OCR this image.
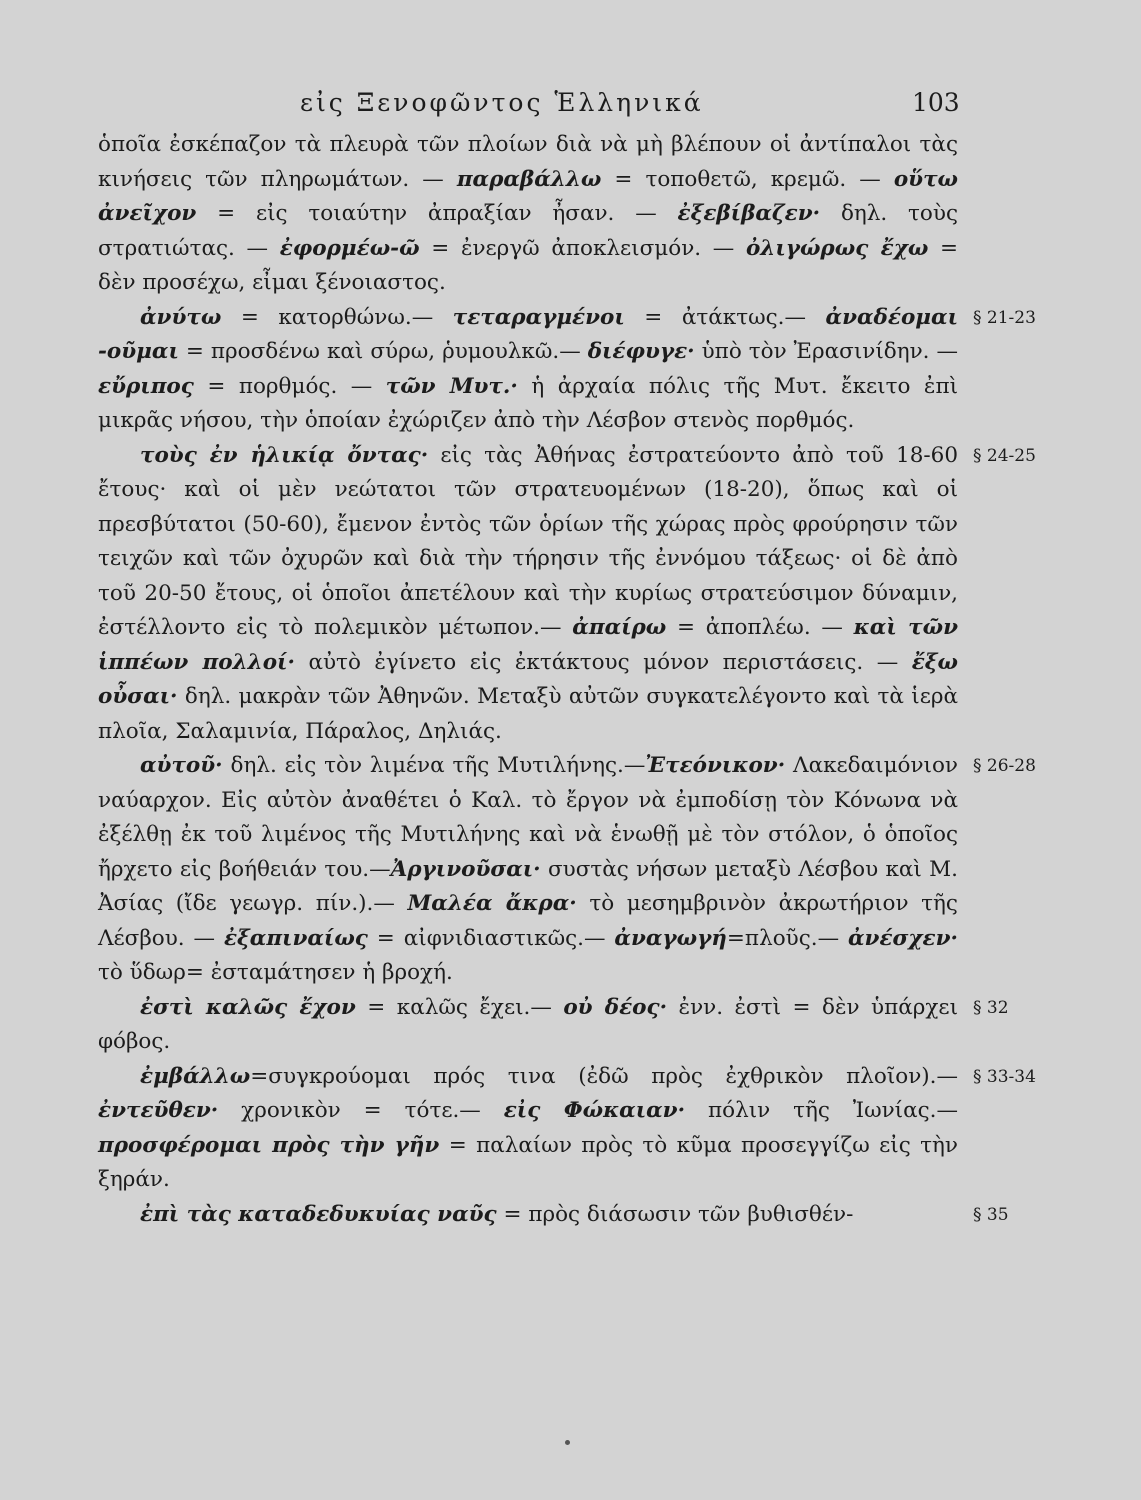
εἰς Ξενοφῶντος Ἑλληνικά	103

ὁποῖα ἐσκέπαζον τὰ πλευρὰ τῶν πλοίων διὰ νὰ μὴ βλέπουν οἱ ἀντίπαλοι τὰς κινήσεις τῶν πληρωμάτων. — παραβάλλω = τοποθετῶ, κρεμῶ. — οὕτω ἀνεῖχον = εἰς τοιαύτην ἀπραξίαν ἦσαν. — ἐξεβίβαζεν· δηλ. τοὺς στρατιώτας. — ἐφορμέω-ῶ = ἐνεργῶ ἀποκλεισμόν. — ὀλιγώρως ἔχω = δὲν προσέχω, εἶμαι ξένοιαστος.

ἀνύτω = κατορθώνω.— τεταραγμένοι = ἀτάκτως.— ἀναδέομαι -οῦμαι = προσδένω καὶ σύρω, ῥυμουλκῶ.— διέφυγε· ὑπὸ τὸν Ἐρασινίδην. — εὔριπος = πορθμός. — τῶν Μυτ.· ἡ ἀρχαία πόλις τῆς Μυτ. ἔκειτο ἐπὶ μικρᾶς νήσου, τὴν ὁποίαν ἐχώριζεν ἀπὸ τὴν Λέσβον στενὸς πορθμός.
§ 21-23

τοὺς ἐν ἡλικίᾳ ὄντας· εἰς τὰς Ἀθήνας ἐστρατεύοντο ἀπὸ τοῦ 18-60 ἔτους· καὶ οἱ μὲν νεώτατοι τῶν στρατευομένων (18-20), ὅπως καὶ οἱ πρεσβύτατοι (50-60), ἔμενον ἐντὸς τῶν ὁρίων τῆς χώρας πρὸς φρούρησιν τῶν τειχῶν καὶ τῶν ὀχυρῶν καὶ διὰ τὴν τήρησιν τῆς ἐννόμου τάξεως· οἱ δὲ ἀπὸ τοῦ 20-50 ἔτους, οἱ ὁποῖοι ἀπετέλουν καὶ τὴν κυρίως στρατεύσιμον δύναμιν, ἐστέλλοντο εἰς τὸ πολεμικὸν μέτωπον.— ἀπαίρω = ἀποπλέω. — καὶ τῶν ἱππέων πολλοί· αὐτὸ ἐγίνετο εἰς ἐκτάκτους μόνον περιστάσεις. — ἔξω οὖσαι· δηλ. μακρὰν τῶν Ἀθηνῶν. Μεταξὺ αὐτῶν συγκατελέγοντο καὶ τὰ ἱερὰ πλοῖα, Σαλαμινία, Πάραλος, Δηλιάς.
§ 24-25

αὐτοῦ· δηλ. εἰς τὸν λιμένα τῆς Μυτιλήνης.—Ἐτεόνικον· Λακεδαιμόνιον ναύαρχον. Εἰς αὐτὸν ἀναθέτει ὁ Καλ. τὸ ἔργον νὰ ἐμποδίσῃ τὸν Κόνωνα νὰ ἐξέλθῃ ἐκ τοῦ λιμένος τῆς Μυτιλήνης καὶ νὰ ἑνωθῇ μὲ τὸν στόλον, ὁ ὁποῖος ἤρχετο εἰς βοήθειάν του.—Ἀργινοῦσαι· συστὰς νήσων μεταξὺ Λέσβου καὶ Μ. Ἀσίας (ἴδε γεωγρ. πίν.).— Μαλέα ἄκρα· τὸ μεσημβρινὸν ἀκρωτήριον τῆς Λέσβου. — ἐξαπιναίως = αἰφνιδιαστικῶς.— ἀναγωγή=πλοῦς.— ἀνέσχεν· τὸ ὕδωρ= ἐσταμάτησεν ἡ βροχή.
§ 26-28

ἐστὶ καλῶς ἔχον = καλῶς ἔχει.— οὐ δέος· ἐνν. ἐστὶ = δὲν ὑπάρχει φόβος.
§ 32

ἐμβάλλω=συγκρούομαι πρός τινα (ἐδῶ πρὸς ἐχθρικὸν πλοῖον).— ἐντεῦθεν· χρονικὸν = τότε.— εἰς Φώκαιαν· πόλιν τῆς Ἰωνίας.— προσφέρομαι πρὸς τὴν γῆν = παλαίων πρὸς τὸ κῦμα προσεγγίζω εἰς τὴν ξηράν.
§ 33-34

ἐπὶ τὰς καταδεδυκυίας ναῦς = πρὸς διάσωσιν τῶν βυθισθέν-	§ 35
